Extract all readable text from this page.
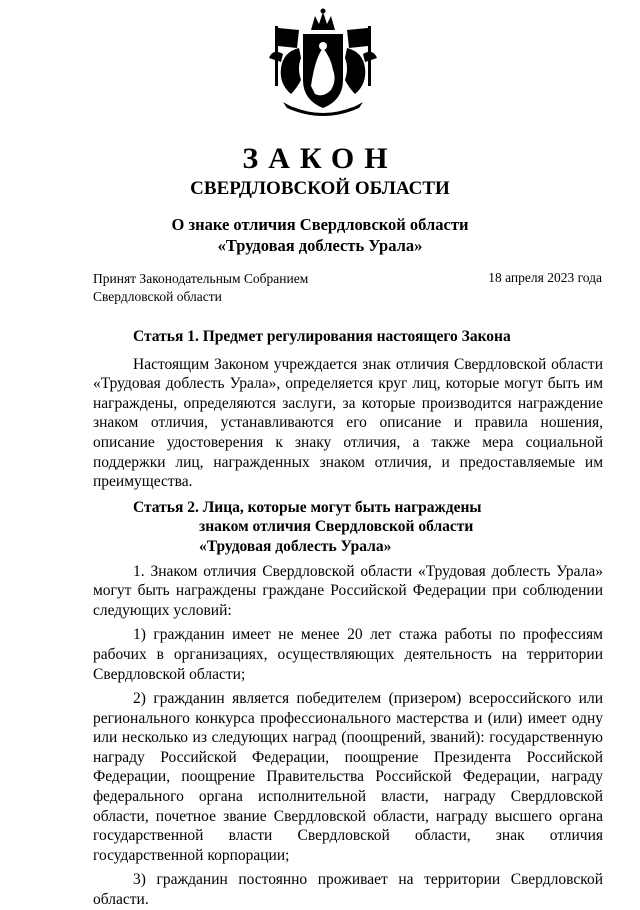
ЗАКОН
СВЕРДЛОВСКОЙ ОБЛАСТИ
О знаке отличия Свердловской области
«Трудовая доблесть Урала»
Принят Законодательным Собранием
Свердловской области
18 апреля 2023 года
Статья 1. Предмет регулирования настоящего Закона

Настоящим Законом учреждается знак отличия Свердловской области «Трудовая доблесть Урала», определяется круг лиц, которые могут быть им награждены, определяются заслуги, за которые производится награждение знаком отличия, устанавливаются его описание и правила ношения, описание удостоверения к знаку отличия, а также мера социальной поддержки лиц, награжденных знаком отличия, и предоставляемые им преимущества.

Статья 2. Лица, которые могут быть награждены
знаком отличия Свердловской области
«Трудовая доблесть Урала»

1. Знаком отличия Свердловской области «Трудовая доблесть Урала» могут быть награждены граждане Российской Федерации при соблюдении следующих условий:

1) гражданин имеет не менее 20 лет стажа работы по профессиям рабочих в организациях, осуществляющих деятельность на территории Свердловской области;

2) гражданин является победителем (призером) всероссийского или регионального конкурса профессионального мастерства и (или) имеет одну или несколько из следующих наград (поощрений, званий): государственную награду Российской Федерации, поощрение Президента Российской Федерации, поощрение Правительства Российской Федерации, награду федерального органа исполнительной власти, награду Свердловской области, почетное звание Свердловской области, награду высшего органа государственной власти Свердловской области, знак отличия государственной корпорации;

3) гражданин постоянно проживает на территории Свердловской области.
